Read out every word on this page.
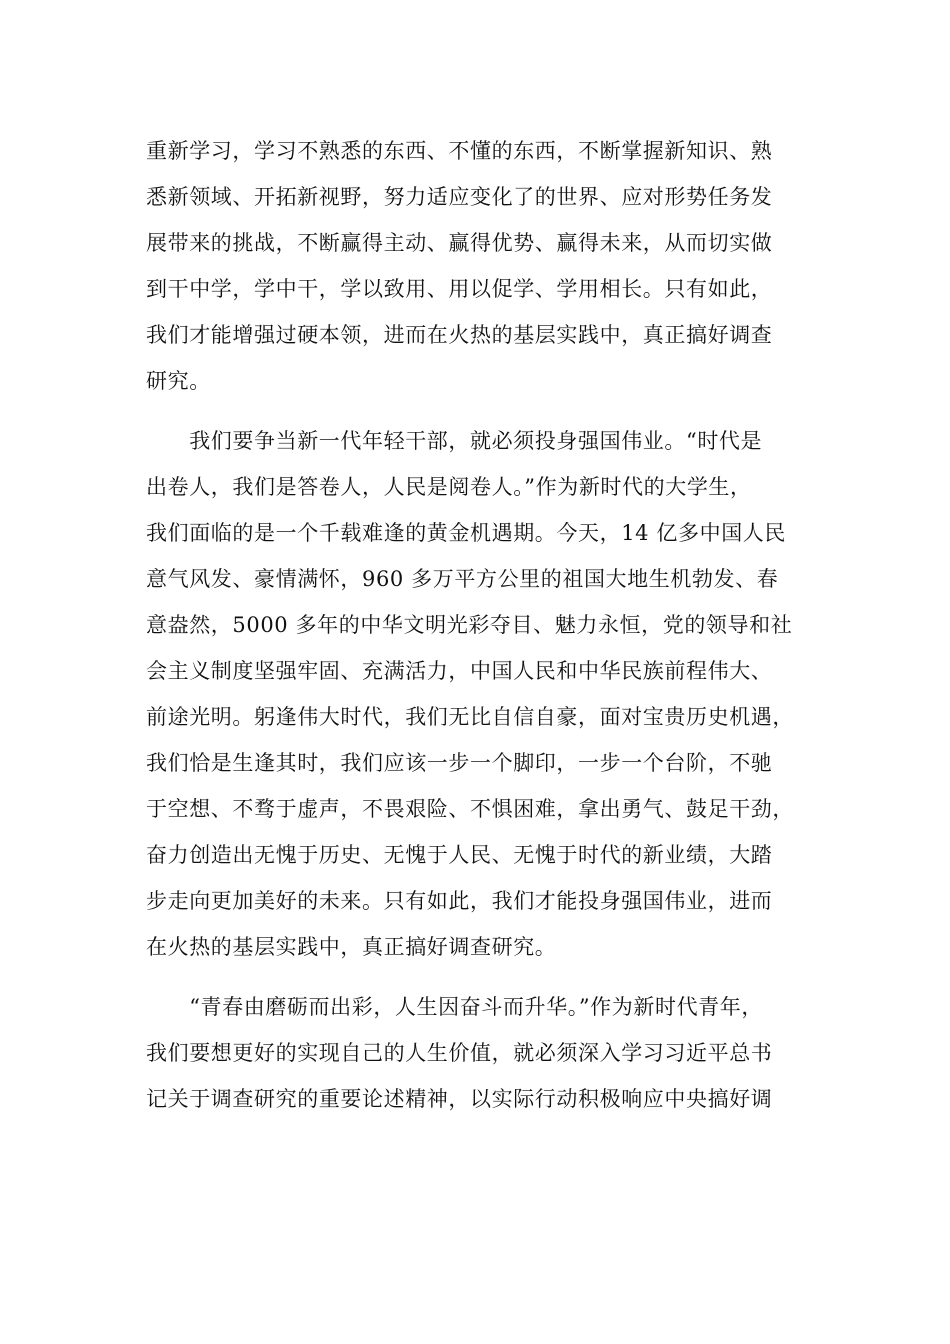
重新学习，学习不熟悉的东西、不懂的东西，不断掌握新知识、熟
悉新领域、开拓新视野，努力适应变化了的世界、应对形势任务发
展带来的挑战，不断赢得主动、赢得优势、赢得未来，从而切实做
到干中学，学中干，学以致用、用以促学、学用相长。只有如此，
我们才能增强过硬本领，进而在火热的基层实践中，真正搞好调查
研究。

　　我们要争当新一代年轻干部，就必须投身强国伟业。“时代是
出卷人，我们是答卷人，人民是阅卷人。”作为新时代的大学生，
我们面临的是一个千载难逢的黄金机遇期。今天，14 亿多中国人民
意气风发、豪情满怀，960 多万平方公里的祖国大地生机勃发、春
意盎然，5000 多年的中华文明光彩夺目、魅力永恒，党的领导和社
会主义制度坚强牢固、充满活力，中国人民和中华民族前程伟大、
前途光明。躬逢伟大时代，我们无比自信自豪，面对宝贵历史机遇，
我们恰是生逢其时，我们应该一步一个脚印，一步一个台阶，不驰
于空想、不骛于虚声，不畏艰险、不惧困难，拿出勇气、鼓足干劲，
奋力创造出无愧于历史、无愧于人民、无愧于时代的新业绩，大踏
步走向更加美好的未来。只有如此，我们才能投身强国伟业，进而
在火热的基层实践中，真正搞好调查研究。

　　“青春由磨砺而出彩，人生因奋斗而升华。”作为新时代青年，
我们要想更好的实现自己的人生价值，就必须深入学习习近平总书
记关于调查研究的重要论述精神，以实际行动积极响应中央搞好调
